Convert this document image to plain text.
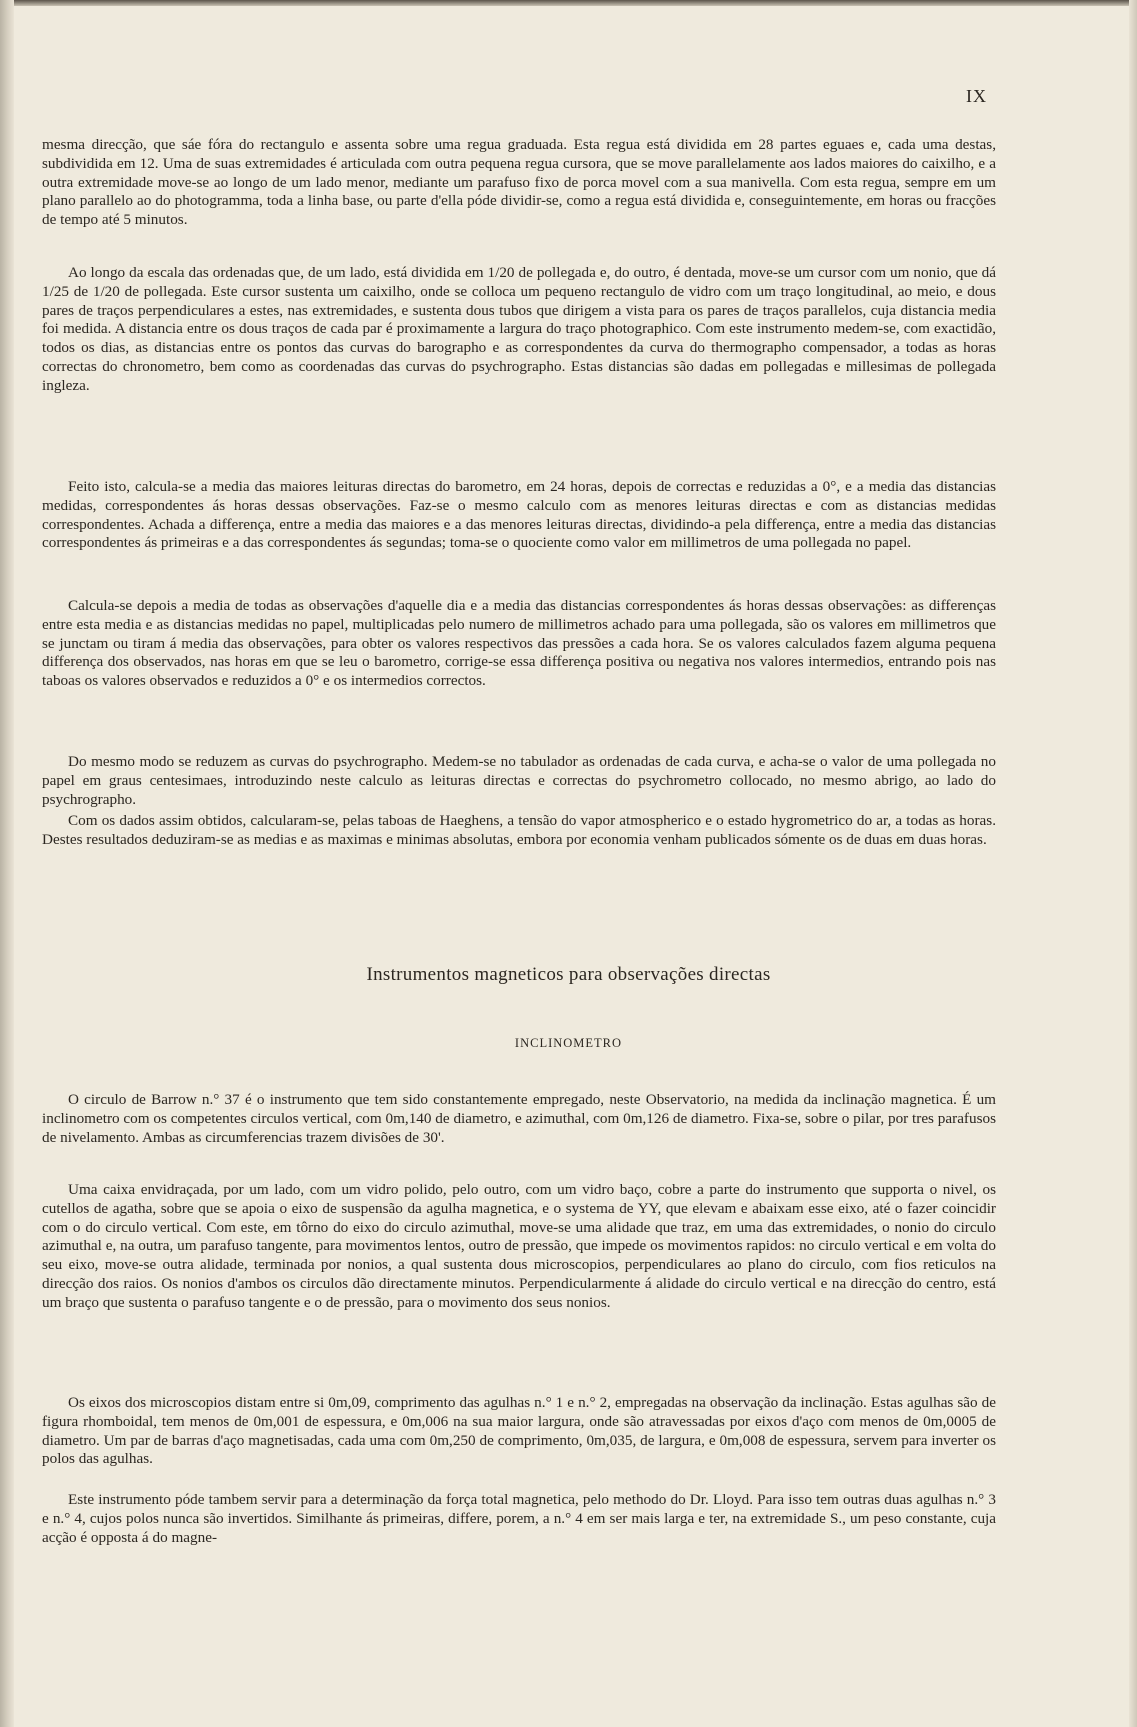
IX

mesma direcção, que sáe fóra do rectangulo e assenta sobre uma regua graduada. Esta regua está dividida em 28 partes eguaes e, cada uma destas, subdividida em 12. Uma de suas extremidades é articulada com outra pequena regua cursora, que se move parallelamente aos lados maiores do caixilho, e a outra extremidade move-se ao longo de um lado menor, mediante um parafuso fixo de porca movel com a sua manivella. Com esta regua, sempre em um plano parallelo ao do photogramma, toda a linha base, ou parte d'ella póde dividir-se, como a regua está dividida e, conseguintemente, em horas ou fracções de tempo até 5 minutos.

Ao longo da escala das ordenadas que, de um lado, está dividida em 1/20 de pollegada e, do outro, é dentada, move-se um cursor com um nonio, que dá 1/25 de 1/20 de pollegada. Este cursor sustenta um caixilho, onde se colloca um pequeno rectangulo de vidro com um traço longitudinal, ao meio, e dous pares de traços perpendiculares a estes, nas extremidades, e sustenta dous tubos que dirigem a vista para os pares de traços parallelos, cuja distancia media foi medida. A distancia entre os dous traços de cada par é proximamente a largura do traço photographico. Com este instrumento medem-se, com exactidão, todos os dias, as distancias entre os pontos das curvas do barographo e as correspondentes da curva do thermographo compensador, a todas as horas correctas do chronometro, bem como as coordenadas das curvas do psychrographo. Estas distancias são dadas em pollegadas e millesimas de pollegada ingleza.

Feito isto, calcula-se a media das maiores leituras directas do barometro, em 24 horas, depois de correctas e reduzidas a 0°, e a media das distancias medidas, correspondentes ás horas dessas observações. Faz-se o mesmo calculo com as menores leituras directas e com as distancias medidas correspondentes. Achada a differença, entre a media das maiores e a das menores leituras directas, dividindo-a pela differença, entre a media das distancias correspondentes ás primeiras e a das correspondentes ás segundas; toma-se o quociente como valor em millimetros de uma pollegada no papel.

Calcula-se depois a media de todas as observações d'aquelle dia e a media das distancias correspondentes ás horas dessas observações: as differenças entre esta media e as distancias medidas no papel, multiplicadas pelo numero de millimetros achado para uma pollegada, são os valores em millimetros que se junctam ou tiram á media das observações, para obter os valores respectivos das pressões a cada hora. Se os valores calculados fazem alguma pequena differença dos observados, nas horas em que se leu o barometro, corrige-se essa differença positiva ou negativa nos valores intermedios, entrando pois nas taboas os valores observados e reduzidos a 0° e os intermedios correctos.

Do mesmo modo se reduzem as curvas do psychrographo. Medem-se no tabulador as ordenadas de cada curva, e acha-se o valor de uma pollegada no papel em graus centesimaes, introduzindo neste calculo as leituras directas e correctas do psychrometro collocado, no mesmo abrigo, ao lado do psychrographo.

Com os dados assim obtidos, calcularam-se, pelas taboas de Haeghens, a tensão do vapor atmospherico e o estado hygrometrico do ar, a todas as horas. Destes resultados deduziram-se as medias e as maximas e minimas absolutas, embora por economia venham publicados sómente os de duas em duas horas.

Instrumentos magneticos para observações directas
INCLINOMETRO

O circulo de Barrow n.° 37 é o instrumento que tem sido constantemente empregado, neste Observatorio, na medida da inclinação magnetica. É um inclinometro com os competentes circulos vertical, com 0m,140 de diametro, e azimuthal, com 0m,126 de diametro. Fixa-se, sobre o pilar, por tres parafusos de nivelamento. Ambas as circumferencias trazem divisões de 30'.

Uma caixa envidraçada, por um lado, com um vidro polido, pelo outro, com um vidro baço, cobre a parte do instrumento que supporta o nivel, os cutellos de agatha, sobre que se apoia o eixo de suspensão da agulha magnetica, e o systema de YY, que elevam e abaixam esse eixo, até o fazer coincidir com o do circulo vertical. Com este, em tôrno do eixo do circulo azimuthal, move-se uma alidade que traz, em uma das extremidades, o nonio do circulo azimuthal e, na outra, um parafuso tangente, para movimentos lentos, outro de pressão, que impede os movimentos rapidos: no circulo vertical e em volta do seu eixo, move-se outra alidade, terminada por nonios, a qual sustenta dous microscopios, perpendiculares ao plano do circulo, com fios reticulos na direcção dos raios. Os nonios d'ambos os circulos dão directamente minutos. Perpendicularmente á alidade do circulo vertical e na direcção do centro, está um braço que sustenta o parafuso tangente e o de pressão, para o movimento dos seus nonios.

Os eixos dos microscopios distam entre si 0m,09, comprimento das agulhas n.° 1 e n.° 2, empregadas na observação da inclinação. Estas agulhas são de figura rhomboidal, tem menos de 0m,001 de espessura, e 0m,006 na sua maior largura, onde são atravessadas por eixos d'aço com menos de 0m,0005 de diametro. Um par de barras d'aço magnetisadas, cada uma com 0m,250 de comprimento, 0m,035, de largura, e 0m,008 de espessura, servem para inverter os polos das agulhas.

Este instrumento póde tambem servir para a determinação da força total magnetica, pelo methodo do Dr. Lloyd. Para isso tem outras duas agulhas n.° 3 e n.° 4, cujos polos nunca são invertidos. Similhante ás primeiras, differe, porem, a n.° 4 em ser mais larga e ter, na extremidade S., um peso constante, cuja acção é opposta á do magne-
